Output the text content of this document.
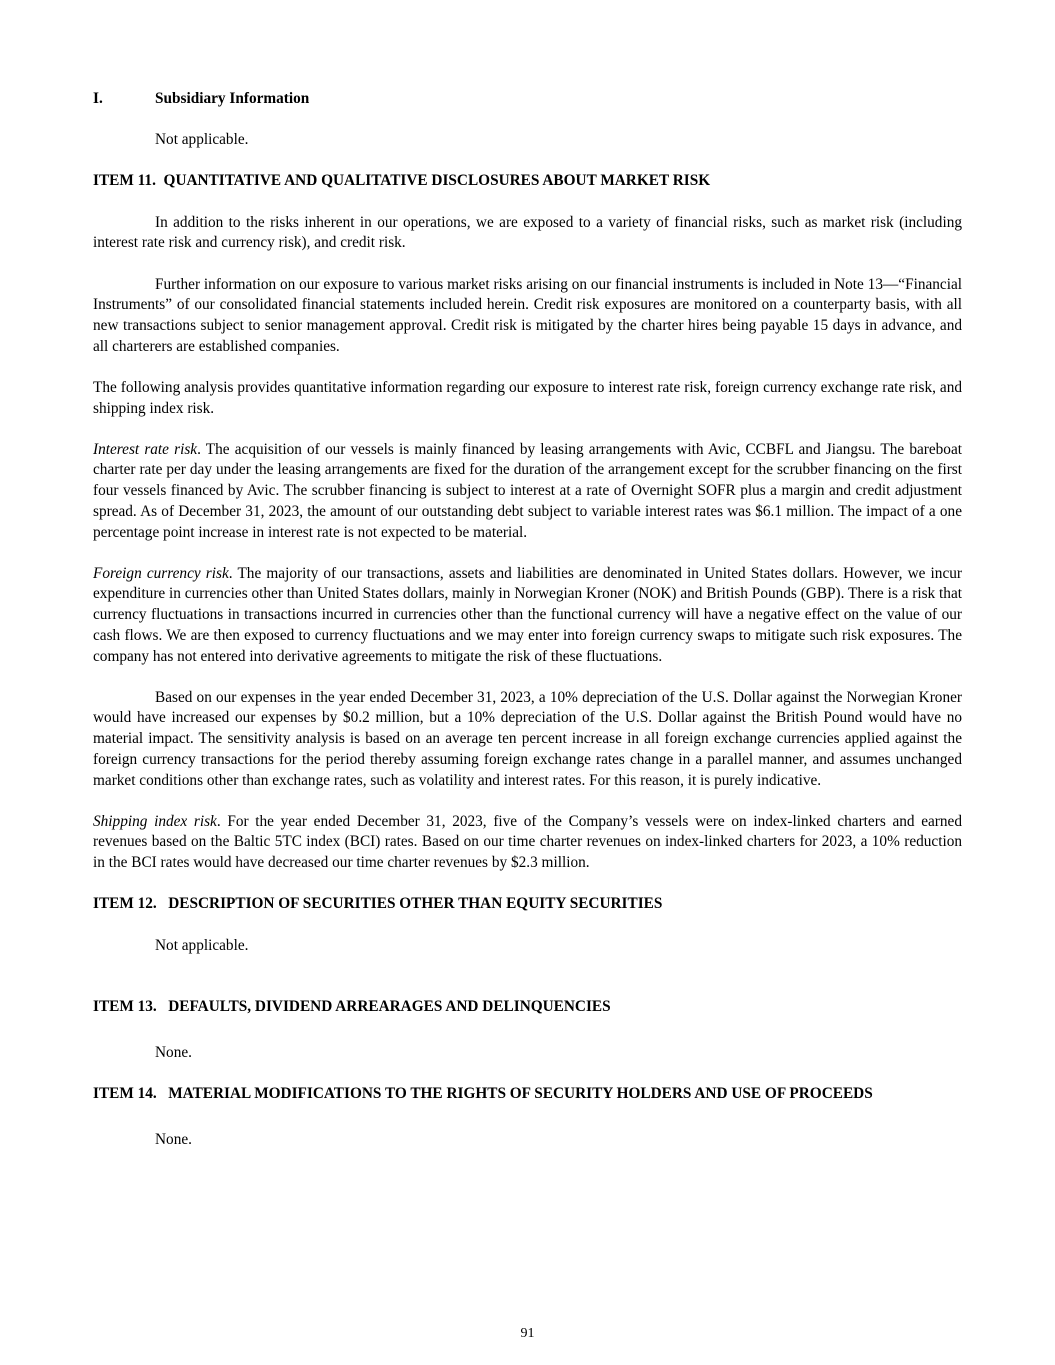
I.	Subsidiary Information
Not applicable.
ITEM 11.  QUANTITATIVE AND QUALITATIVE DISCLOSURES ABOUT MARKET RISK

In addition to the risks inherent in our operations, we are exposed to a variety of financial risks, such as market risk (including interest rate risk and currency risk), and credit risk.

Further information on our exposure to various market risks arising on our financial instruments is included in Note 13—“Financial Instruments” of our consolidated financial statements included herein. Credit risk exposures are monitored on a counterparty basis, with all new transactions subject to senior management approval. Credit risk is mitigated by the charter hires being payable 15 days in advance, and all charterers are established companies.

The following analysis provides quantitative information regarding our exposure to interest rate risk, foreign currency exchange rate risk, and shipping index risk.

Interest rate risk. The acquisition of our vessels is mainly financed by leasing arrangements with Avic, CCBFL and Jiangsu. The bareboat charter rate per day under the leasing arrangements are fixed for the duration of the arrangement except for the scrubber financing on the first four vessels financed by Avic. The scrubber financing is subject to interest at a rate of Overnight SOFR plus a margin and credit adjustment spread. As of December 31, 2023, the amount of our outstanding debt subject to variable interest rates was $6.1 million. The impact of a one percentage point increase in interest rate is not expected to be material.

Foreign currency risk. The majority of our transactions, assets and liabilities are denominated in United States dollars. However, we incur expenditure in currencies other than United States dollars, mainly in Norwegian Kroner (NOK) and British Pounds (GBP). There is a risk that currency fluctuations in transactions incurred in currencies other than the functional currency will have a negative effect on the value of our cash flows. We are then exposed to currency fluctuations and we may enter into foreign currency swaps to mitigate such risk exposures. The company has not entered into derivative agreements to mitigate the risk of these fluctuations.

Based on our expenses in the year ended December 31, 2023, a 10% depreciation of the U.S. Dollar against the Norwegian Kroner would have increased our expenses by $0.2 million, but a 10% depreciation of the U.S. Dollar against the British Pound would have no material impact. The sensitivity analysis is based on an average ten percent increase in all foreign exchange currencies applied against the foreign currency transactions for the period thereby assuming foreign exchange rates change in a parallel manner, and assumes unchanged market conditions other than exchange rates, such as volatility and interest rates. For this reason, it is purely indicative.

Shipping index risk. For the year ended December 31, 2023, five of the Company’s vessels were on index-linked charters and earned revenues based on the Baltic 5TC index (BCI) rates. Based on our time charter revenues on index-linked charters for 2023, a 10% reduction in the BCI rates would have decreased our time charter revenues by $2.3 million.

ITEM 12.   DESCRIPTION OF SECURITIES OTHER THAN EQUITY SECURITIES
Not applicable.
ITEM 13.   DEFAULTS, DIVIDEND ARREARAGES AND DELINQUENCIES
None.
ITEM 14.   MATERIAL MODIFICATIONS TO THE RIGHTS OF SECURITY HOLDERS AND USE OF PROCEEDS
None.
91
